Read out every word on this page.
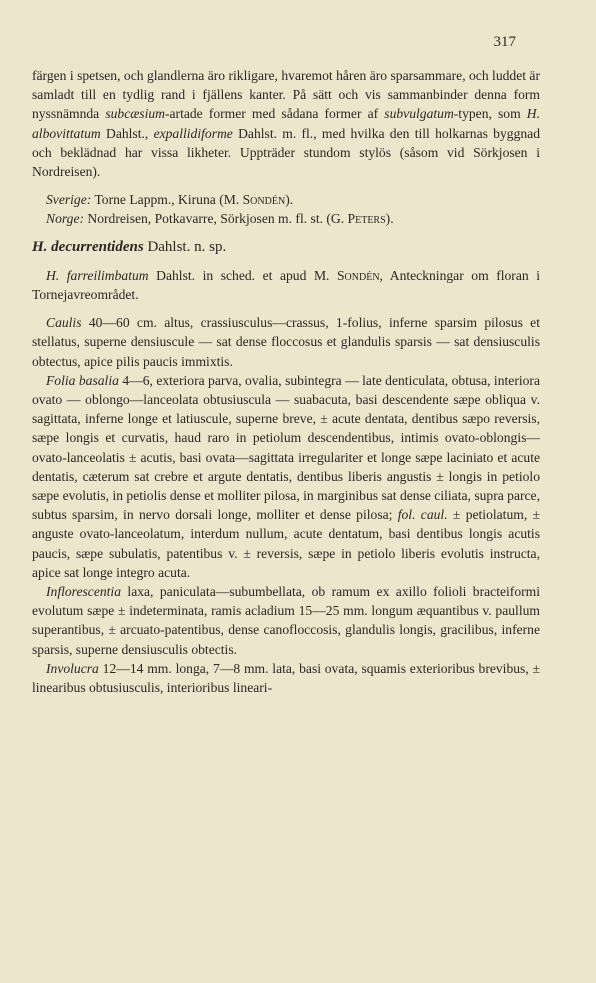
317

färgen i spetsen, och glandlerna äro rikligare, hvaremot håren äro sparsammare, och luddet är samladt till en tydlig rand i fjällens kanter. På sätt och vis sammanbinder denna form nyssnämnda subcæsium-artade former med sådana former af subvulgatum-typen, som H. albovittatum Dahlst., expallidiforme Dahlst. m. fl., med hvilka den till holkarnas byggnad och beklädnad har vissa likheter. Uppträder stundom stylös (såsom vid Sörkjosen i Nordreisen).

Sverige: Torne Lappm., Kiruna (M. Sondén).

Norge: Nordreisen, Potkavarre, Sörkjosen m. fl. st. (G. Peters).

H. decurrentidens Dahlst. n. sp.

H. farreilimbatum Dahlst. in sched. et apud M. Sondén, Anteckningar om floran i Tornejavreområdet.

Caulis 40—60 cm. altus, crassiusculus—crassus, 1-folius, inferne sparsim pilosus et stellatus, superne densiuscule — sat dense floccosus et glandulis sparsis — sat densiusculis obtectus, apice pilis paucis immixtis.

Folia basalia 4—6, exteriora parva, ovalia, subintegra — late denticulata, obtusa, interiora ovato — oblongo—lanceolata obtusiuscula — suabacuta, basi descendente sæpe obliqua v. sagittata, inferne longe et latiuscule, superne breve, ± acute dentata, dentibus sæpo reversis, sæpe longis et curvatis, haud raro in petiolum descendentibus, intimis ovato-oblongis—ovato-lanceolatis ± acutis, basi ovata—sagittata irregulariter et longe sæpe laciniato et acute dentatis, cæterum sat crebre et argute dentatis, dentibus liberis angustis ± longis in petiolo sæpe evolutis, in petiolis dense et molliter pilosa, in marginibus sat dense ciliata, supra parce, subtus sparsim, in nervo dorsali longe, molliter et dense pilosa; fol. caul. ± petiolatum, ± anguste ovato-lanceolatum, interdum nullum, acute dentatum, basi dentibus longis acutis paucis, sæpe subulatis, patentibus v. ± reversis, sæpe in petiolo liberis evolutis instructa, apice sat longe integro acuta.

Inflorescentia laxa, paniculata—subumbellata, ob ramum ex axillo folioli bracteiformi evolutum sæpe ± indeterminata, ramis acladium 15—25 mm. longum æquantibus v. paullum superantibus, ± arcuato-patentibus, dense canofloccosis, glandulis longis, gracilibus, inferne sparsis, superne densiusculis obtectis.

Involucra 12—14 mm. longa, 7—8 mm. lata, basi ovata, squamis exterioribus brevibus, ± linearibus obtusiusculis, interioribus lineari-
